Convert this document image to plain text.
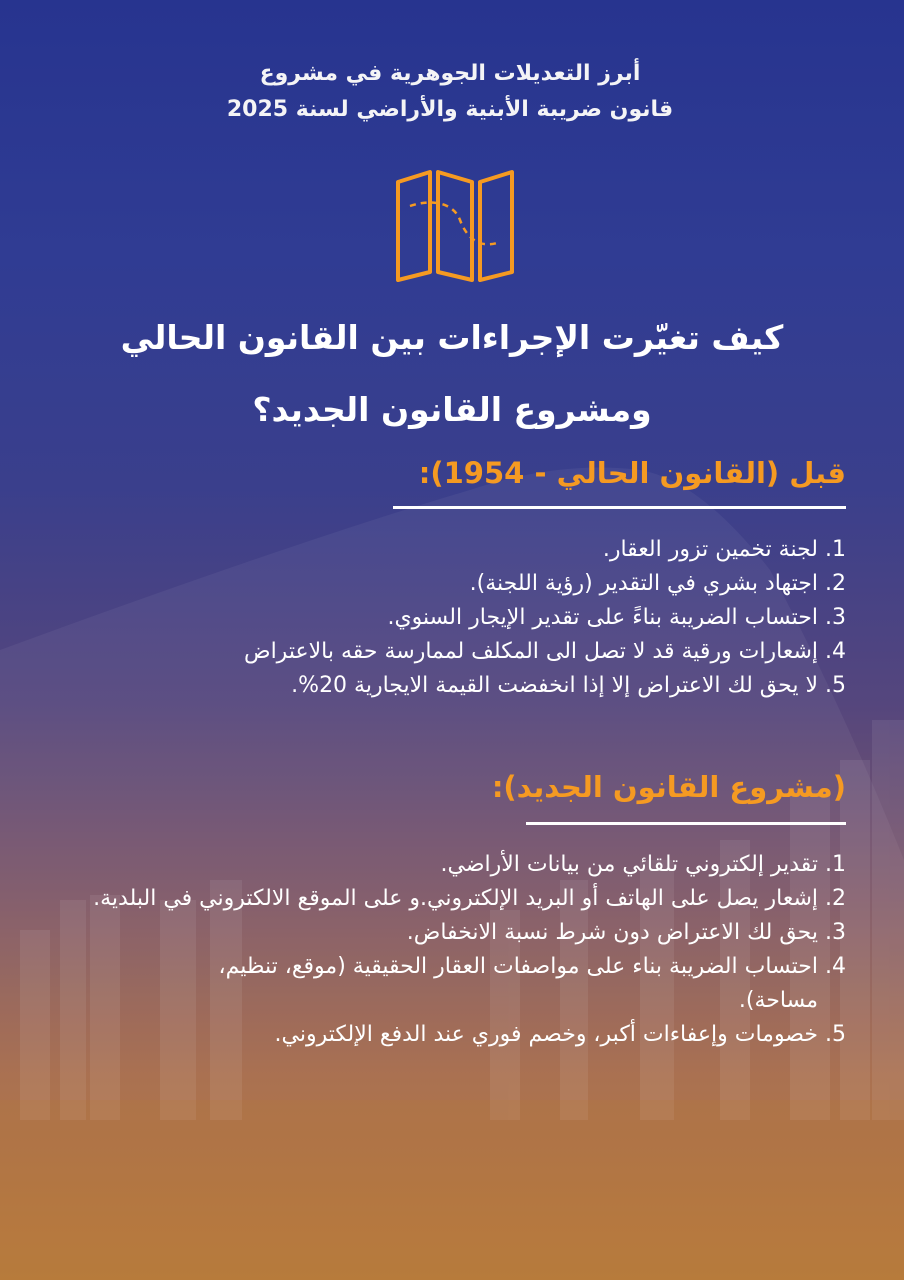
أبرز التعديلات الجوهرية في مشروع
قانون ضريبة الأبنية والأراضي لسنة 2025
كيف تغيّرت الإجراءات بين القانون الحالي
ومشروع القانون الجديد؟
قبل (القانون الحالي - 1954):
1.
لجنة تخمين تزور العقار.
2.
اجتهاد بشري في التقدير (رؤية اللجنة).
3.
احتساب الضريبة بناءً على تقدير الإيجار السنوي.
4.
إشعارات ورقية قد لا تصل الى المكلف لممارسة حقه بالاعتراض
5.
لا يحق لك الاعتراض إلا إذا انخفضت القيمة الايجارية 20%.
(مشروع القانون الجديد):
1.
تقدير إلكتروني تلقائي من بيانات الأراضي.
2.
إشعار يصل على الهاتف أو البريد الإلكتروني.و على الموقع الالكتروني في البلدية.
3.
يحق لك الاعتراض دون شرط نسبة الانخفاض.
4.
احتساب الضريبة بناء على مواصفات العقار الحقيقية (موقع، تنظيم، مساحة).
5.
خصومات وإعفاءات أكبر، وخصم فوري عند الدفع الإلكتروني.
